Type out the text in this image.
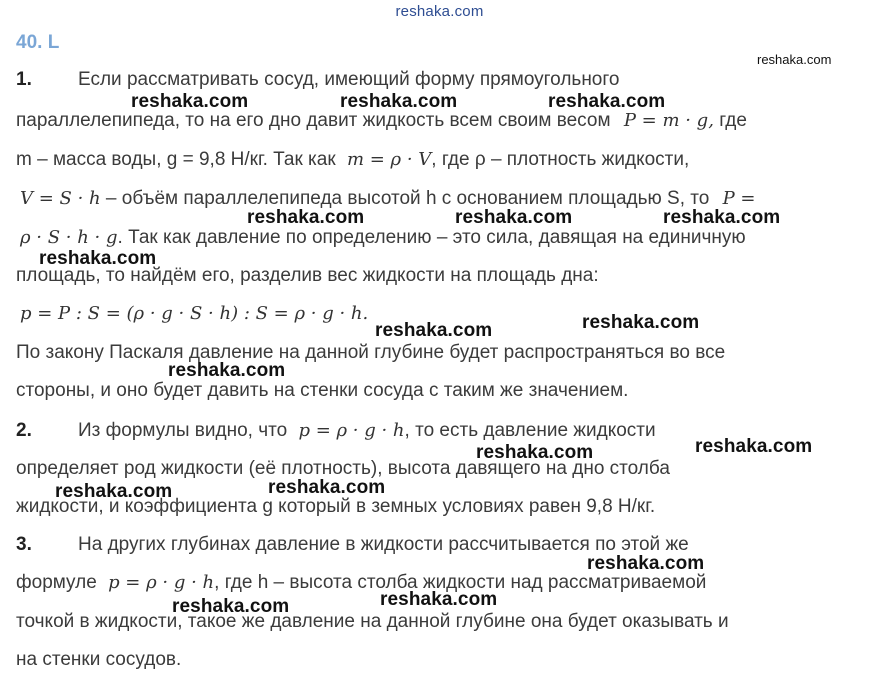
reshaka.com
40. L
reshaka.com
1. Если рассматривать сосуд, имеющий форму прямоугольного
параллелепипеда, то на его дно давит жидкость всем своим весом P = m · g, где
m – масса воды, g = 9,8 Н/кг. Так как m = ρ · V, где ρ – плотность жидкости,
V = S · h – объём параллелепипеда высотой h с основанием площадью S, то P =
ρ · S · h · g. Так как давление по определению – это сила, давящая на единичную
площадь, то найдём его, разделив вес жидкости на площадь дна:
p = P : S = (ρ · g · S · h) : S = ρ · g · h.
По закону Паскаля давление на данной глубине будет распространяться во все
стороны, и оно будет давить на стенки сосуда с таким же значением.
2. Из формулы видно, что p = ρ · g · h, то есть давление жидкости
определяет род жидкости (её плотность), высота давящего на дно столба
жидкости, и коэффициента g который в земных условиях равен 9,8 Н/кг.
3. На других глубинах давление в жидкости рассчитывается по этой же
формуле p = ρ · g · h, где h – высота столба жидкости над рассматриваемой
точкой в жидкости, такое же давление на данной глубине она будет оказывать и
на стенки сосудов.
reshaka.com	reshaka.com	reshaka.com
reshaka.com	reshaka.com	reshaka.com
reshaka.com
reshaka.com
reshaka.com
reshaka.com
reshaka.com
reshaka.com
reshaka.com
reshaka.com
reshaka.com
reshaka.com
reshaka.com
